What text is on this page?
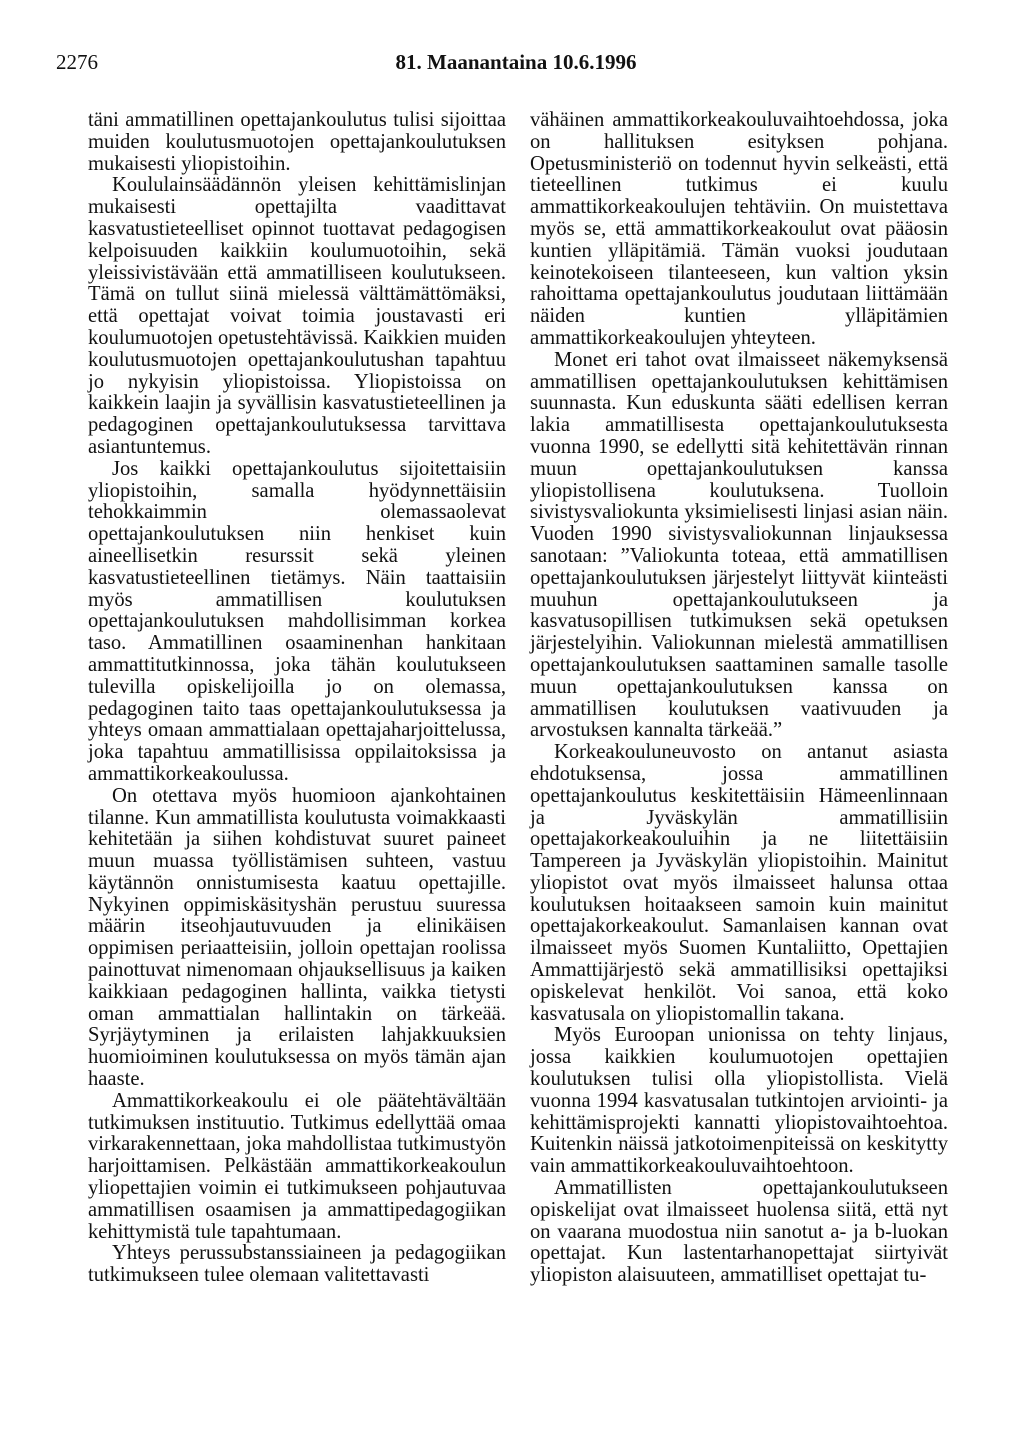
2276	81. Maanantaina 10.6.1996

täni ammatillinen opettajankoulutus tulisi sijoittaa muiden koulutusmuotojen opettajankoulutuksen mukaisesti yliopistoihin.

Koululainsäädännön yleisen kehittämislinjan mukaisesti opettajilta vaadittavat kasvatustieteelliset opinnot tuottavat pedagogisen kelpoisuuden kaikkiin koulumuotoihin, sekä yleissivistävään että ammatilliseen koulutukseen. Tämä on tullut siinä mielessä välttämättömäksi, että opettajat voivat toimia joustavasti eri koulumuotojen opetustehtävissä. Kaikkien muiden koulutusmuotojen opettajankoulutushan tapahtuu jo nykyisin yliopistoissa. Yliopistoissa on kaikkein laajin ja syvällisin kasvatustieteellinen ja pedagoginen opettajankoulutuksessa tarvittava asiantuntemus.

Jos kaikki opettajankoulutus sijoitettaisiin yliopistoihin, samalla hyödynnettäisiin tehokkaimmin olemassaolevat opettajankoulutuksen niin henkiset kuin aineellisetkin resurssit sekä yleinen kasvatustieteellinen tietämys. Näin taattaisiin myös ammatillisen koulutuksen opettajankoulutuksen mahdollisimman korkea taso. Ammatillinen osaaminenhan hankitaan ammattitutkinnossa, joka tähän koulutukseen tulevilla opiskelijoilla jo on olemassa, pedagoginen taito taas opettajankoulutuksessa ja yhteys omaan ammattialaan opettajaharjoittelussa, joka tapahtuu ammatillisissa oppilaitoksissa ja ammattikorkeakoulussa.

On otettava myös huomioon ajankohtainen tilanne. Kun ammatillista koulutusta voimakkaasti kehitetään ja siihen kohdistuvat suuret paineet muun muassa työllistämisen suhteen, vastuu käytännön onnistumisesta kaatuu opettajille. Nykyinen oppimiskäsityshän perustuu suuressa määrin itseohjautuvuuden ja elinikäisen oppimisen periaatteisiin, jolloin opettajan roolissa painottuvat nimenomaan ohjauksellisuus ja kaiken kaikkiaan pedagoginen hallinta, vaikka tietysti oman ammattialan hallintakin on tärkeää. Syrjäytyminen ja erilaisten lahjakkuuksien huomioiminen koulutuksessa on myös tämän ajan haaste.

Ammattikorkeakoulu ei ole päätehtävältään tutkimuksen instituutio. Tutkimus edellyttää omaa virkarakennettaan, joka mahdollistaa tutkimustyön harjoittamisen. Pelkästään ammattikorkeakoulun yliopettajien voimin ei tutkimukseen pohjautuvaa ammatillisen osaamisen ja ammattipedagogiikan kehittymistä tule tapahtumaan.

Yhteys perussubstanssiaineen ja pedagogiikan tutkimukseen tulee olemaan valitettavasti

vähäinen ammattikorkeakouluvaihtoehdossa, joka on hallituksen esityksen pohjana. Opetusministeriö on todennut hyvin selkeästi, että tieteellinen tutkimus ei kuulu ammattikorkeakoulujen tehtäviin. On muistettava myös se, että ammattikorkeakoulut ovat pääosin kuntien ylläpitämiä. Tämän vuoksi joudutaan keinotekoiseen tilanteeseen, kun valtion yksin rahoittama opettajankoulutus joudutaan liittämään näiden kuntien ylläpitämien ammattikorkeakoulujen yhteyteen.

Monet eri tahot ovat ilmaisseet näkemyksensä ammatillisen opettajankoulutuksen kehittämisen suunnasta. Kun eduskunta sääti edellisen kerran lakia ammatillisesta opettajankoulutuksesta vuonna 1990, se edellytti sitä kehitettävän rinnan muun opettajankoulutuksen kanssa yliopistollisena koulutuksena. Tuolloin sivistysvaliokunta yksimielisesti linjasi asian näin. Vuoden 1990 sivistysvaliokunnan linjauksessa sanotaan: ”Valiokunta toteaa, että ammatillisen opettajankoulutuksen järjestelyt liittyvät kiinteästi muuhun opettajankoulutukseen ja kasvatusopillisen tutkimuksen sekä opetuksen järjestelyihin. Valiokunnan mielestä ammatillisen opettajankoulutuksen saattaminen samalle tasolle muun opettajankoulutuksen kanssa on ammatillisen koulutuksen vaativuuden ja arvostuksen kannalta tärkeää.”

Korkeakouluneuvosto on antanut asiasta ehdotuksensa, jossa ammatillinen opettajankoulutus keskitettäisiin Hämeenlinnaan ja Jyväskylän ammatillisiin opettajakorkeakouluihin ja ne liitettäisiin Tampereen ja Jyväskylän yliopistoihin. Mainitut yliopistot ovat myös ilmaisseet halunsa ottaa koulutuksen hoitaakseen samoin kuin mainitut opettajakorkeakoulut. Samanlaisen kannan ovat ilmaisseet myös Suomen Kuntaliitto, Opettajien Ammattijärjestö sekä ammatillisiksi opettajiksi opiskelevat henkilöt. Voi sanoa, että koko kasvatusala on yliopistomallin takana.

Myös Euroopan unionissa on tehty linjaus, jossa kaikkien koulumuotojen opettajien koulutuksen tulisi olla yliopistollista. Vielä vuonna 1994 kasvatusalan tutkintojen arviointi- ja kehittämisprojekti kannatti yliopistovaihtoehtoa. Kuitenkin näissä jatkotoimenpiteissä on keskitytty vain ammattikorkeakouluvaihtoehtoon.

Ammatillisten opettajankoulutukseen opiskelijat ovat ilmaisseet huolensa siitä, että nyt on vaarana muodostua niin sanotut a- ja b-luokan opettajat. Kun lastentarhanopettajat siirtyivät yliopiston alaisuuteen, ammatilliset opettajat tu-
